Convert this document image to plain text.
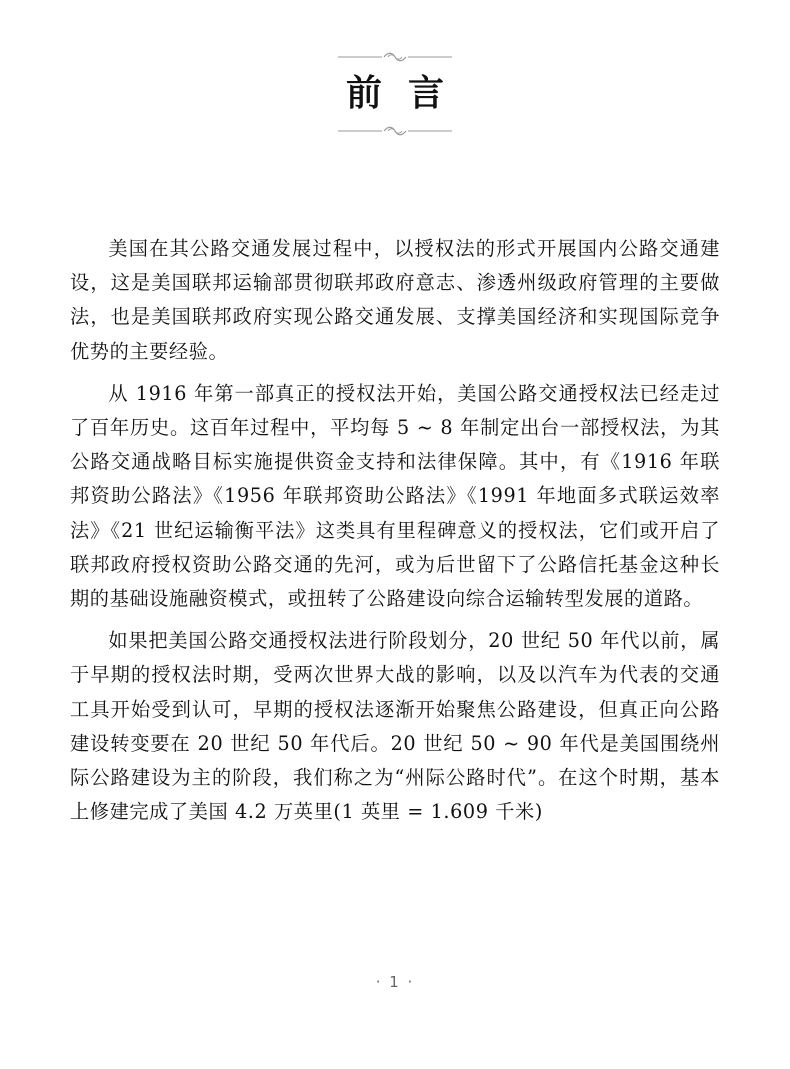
前言

美国在其公路交通发展过程中，以授权法的形式开展国内公路交通建设，这是美国联邦运输部贯彻联邦政府意志、渗透州级政府管理的主要做法，也是美国联邦政府实现公路交通发展、支撑美国经济和实现国际竞争优势的主要经验。

从 1916 年第一部真正的授权法开始，美国公路交通授权法已经走过了百年历史。这百年过程中，平均每 5 ~ 8 年制定出台一部授权法，为其公路交通战略目标实施提供资金支持和法律保障。其中，有《1916 年联邦资助公路法》《1956 年联邦资助公路法》《1991 年地面多式联运效率法》《21 世纪运输衡平法》这类具有里程碑意义的授权法，它们或开启了联邦政府授权资助公路交通的先河，或为后世留下了公路信托基金这种长期的基础设施融资模式，或扭转了公路建设向综合运输转型发展的道路。

如果把美国公路交通授权法进行阶段划分，20 世纪 50 年代以前，属于早期的授权法时期，受两次世界大战的影响，以及以汽车为代表的交通工具开始受到认可，早期的授权法逐渐开始聚焦公路建设，但真正向公路建设转变要在 20 世纪 50 年代后。20 世纪 50 ~ 90 年代是美国围绕州际公路建设为主的阶段，我们称之为“州际公路时代”。在这个时期，基本上修建完成了美国 4.2 万英里(1 英里 = 1.609 千米)

· 1 ·
